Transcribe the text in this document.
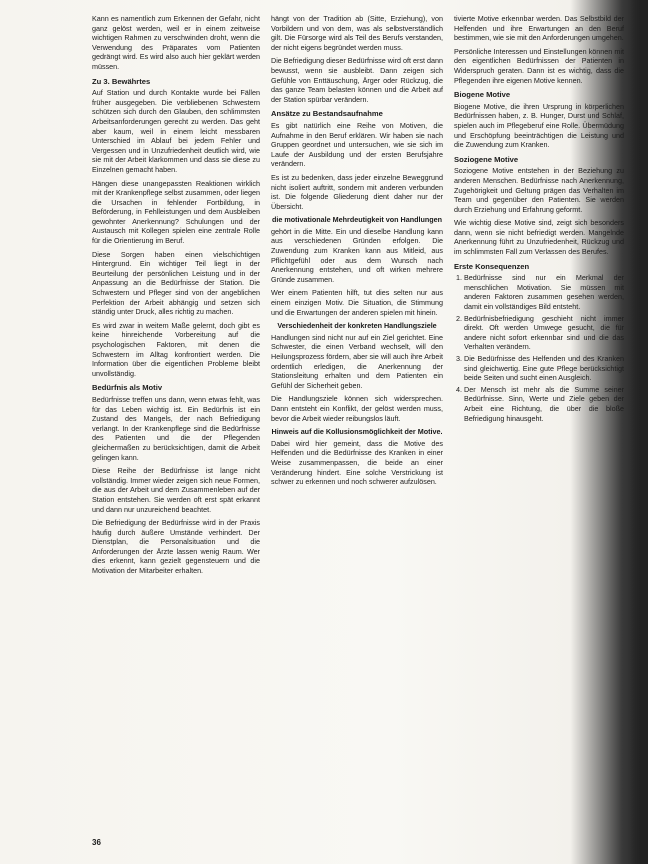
Kann es namentlich zum Erkennen der Gefahr, nicht ganz gelöst werden, weil er in einem zeitweise wichtigen Rahmen zu verschwinden droht, wenn die Verwendung des Präparates vom Patienten gedrängt wird. Es wird also auch hier geklärt werden müssen.

Zu 3. Bewährtes

Auf Station und durch Kontakte wurde bei Fällen früher ausgegeben. Die verbliebenen Schwestern schützen sich durch den Glauben, den schlimmsten Arbeitsanforderungen gerecht zu werden. Das geht aber kaum, weil in einem leicht messbaren Unterschied im Ablauf bei jedem Fehler und Vergessen und in Unzufriedenheit deutlich wird, wie sie mit der Arbeit klarkommen und dass sie diese zu Einzelnen gemacht haben.

Hängen diese unangepassten Reaktionen wirklich mit der Krankenpflege selbst zusammen, oder liegen die Ursachen in fehlender Fortbildung, in Beförderung, in Fehlleistungen und dem Ausbleiben gewohnter Anerkennung? Schulungen und der Austausch mit Kollegen spielen eine zentrale Rolle für die Orientierung im Beruf.

Diese Sorgen haben einen vielschichtigen Hintergrund. Ein wichtiger Teil liegt in der Beurteilung der persönlichen Leistung und in der Anpassung an die Bedürfnisse der Station. Die Schwestern und Pfleger sind von der angeblichen Perfektion der Arbeit abhängig und setzen sich ständig unter Druck, alles richtig zu machen.

Es wird zwar in weitem Maße gelernt, doch gibt es keine hinreichende Vorbereitung auf die psychologischen Faktoren, mit denen die Schwestern im Alltag konfrontiert werden. Die Information über die eigentlichen Probleme bleibt unvollständig.

Bedürfnis als Motiv

Bedürfnisse treffen uns dann, wenn etwas fehlt, was für das Leben wichtig ist. Ein Bedürfnis ist ein Zustand des Mangels, der nach Befriedigung verlangt. In der Krankenpflege sind die Bedürfnisse des Patienten und die der Pflegenden gleichermaßen zu berücksichtigen, damit die Arbeit gelingen kann.

Diese Reihe der Bedürfnisse ist lange nicht vollständig. Immer wieder zeigen sich neue Formen, die aus der Arbeit und dem Zusammenleben auf der Station entstehen. Sie werden oft erst spät erkannt und dann nur unzureichend beachtet.

Die Befriedigung der Bedürfnisse wird in der Praxis häufig durch äußere Umstände verhindert. Der Dienstplan, die Personalsituation und die Anforderungen der Ärzte lassen wenig Raum. Wer dies erkennt, kann gezielt gegensteuern und die Motivation der Mitarbeiter erhalten.

hängt von der Tradition ab (Sitte, Erziehung), von Vorbildern und von dem, was als selbstverständlich gilt. Die Fürsorge wird als Teil des Berufs verstanden, der nicht eigens begründet werden muss.

Die Befriedigung dieser Bedürfnisse wird oft erst dann bewusst, wenn sie ausbleibt. Dann zeigen sich Gefühle von Enttäuschung, Ärger oder Rückzug, die das ganze Team belasten können und die Arbeit auf der Station spürbar verändern.

Ansätze zu Bestandsaufnahme

Es gibt natürlich eine Reihe von Motiven, die Aufnahme in den Beruf erklären. Wir haben sie nach Gruppen geordnet und untersuchen, wie sie sich im Laufe der Ausbildung und der ersten Berufsjahre verändern.

Es ist zu bedenken, dass jeder einzelne Beweggrund nicht isoliert auftritt, sondern mit anderen verbunden ist. Die folgende Gliederung dient daher nur der Übersicht.

die motivationale Mehrdeutigkeit von Handlungen

gehört in die Mitte. Ein und dieselbe Handlung kann aus verschiedenen Gründen erfolgen. Die Zuwendung zum Kranken kann aus Mitleid, aus Pflichtgefühl oder aus dem Wunsch nach Anerkennung entstehen, und oft wirken mehrere Gründe zusammen.

Wer einem Patienten hilft, tut dies selten nur aus einem einzigen Motiv. Die Situation, die Stimmung und die Erwartungen der anderen spielen mit hinein.

Verschiedenheit der konkreten Handlungsziele

Handlungen sind nicht nur auf ein Ziel gerichtet. Eine Schwester, die einen Verband wechselt, will den Heilungsprozess fördern, aber sie will auch ihre Arbeit ordentlich erledigen, die Anerkennung der Stationsleitung erhalten und dem Patienten ein Gefühl der Sicherheit geben.

Die Handlungsziele können sich widersprechen. Dann entsteht ein Konflikt, der gelöst werden muss, bevor die Arbeit wieder reibungslos läuft.

Hinweis auf die Kollusionsmöglichkeit der Motive.

Dabei wird hier gemeint, dass die Motive des Helfenden und die Bedürfnisse des Kranken in einer Weise zusammenpassen, die beide an einer Veränderung hindert. Eine solche Verstrickung ist schwer zu erkennen und noch schwerer aufzulösen.

tivierte Motive erkennbar werden. Das Selbstbild der Helfenden und ihre Erwartungen an den Beruf bestimmen, wie sie mit den Anforderungen umgehen.

Persönliche Interessen und Einstellungen können mit den eigentlichen Bedürfnissen der Patienten in Widerspruch geraten. Dann ist es wichtig, dass die Pflegenden ihre eigenen Motive kennen.

Biogene Motive

Biogene Motive, die ihren Ursprung in körperlichen Bedürfnissen haben, z. B. Hunger, Durst und Schlaf, spielen auch im Pflegeberuf eine Rolle. Übermüdung und Erschöpfung beeinträchtigen die Leistung und die Zuwendung zum Kranken.

Soziogene Motive

Soziogene Motive entstehen in der Beziehung zu anderen Menschen. Bedürfnisse nach Anerkennung, Zugehörigkeit und Geltung prägen das Verhalten im Team und gegenüber den Patienten. Sie werden durch Erziehung und Erfahrung geformt.

Wie wichtig diese Motive sind, zeigt sich besonders dann, wenn sie nicht befriedigt werden. Mangelnde Anerkennung führt zu Unzufriedenheit, Rückzug und im schlimmsten Fall zum Verlassen des Berufes.

Erste Konsequenzen
1. Bedürfnisse sind nur ein Merkmal der menschlichen Motivation. Sie müssen mit anderen Faktoren zusammen gesehen werden, damit ein vollständiges Bild entsteht.
2. Bedürfnisbefriedigung geschieht nicht immer direkt. Oft werden Umwege gesucht, die für andere nicht sofort erkennbar sind und die das Verhalten verändern.
3. Die Bedürfnisse des Helfenden und des Kranken sind gleichwertig. Eine gute Pflege berücksichtigt beide Seiten und sucht einen Ausgleich.
4. Der Mensch ist mehr als die Summe seiner Bedürfnisse. Sinn, Werte und Ziele geben der Arbeit eine Richtung, die über die bloße Befriedigung hinausgeht.
36
